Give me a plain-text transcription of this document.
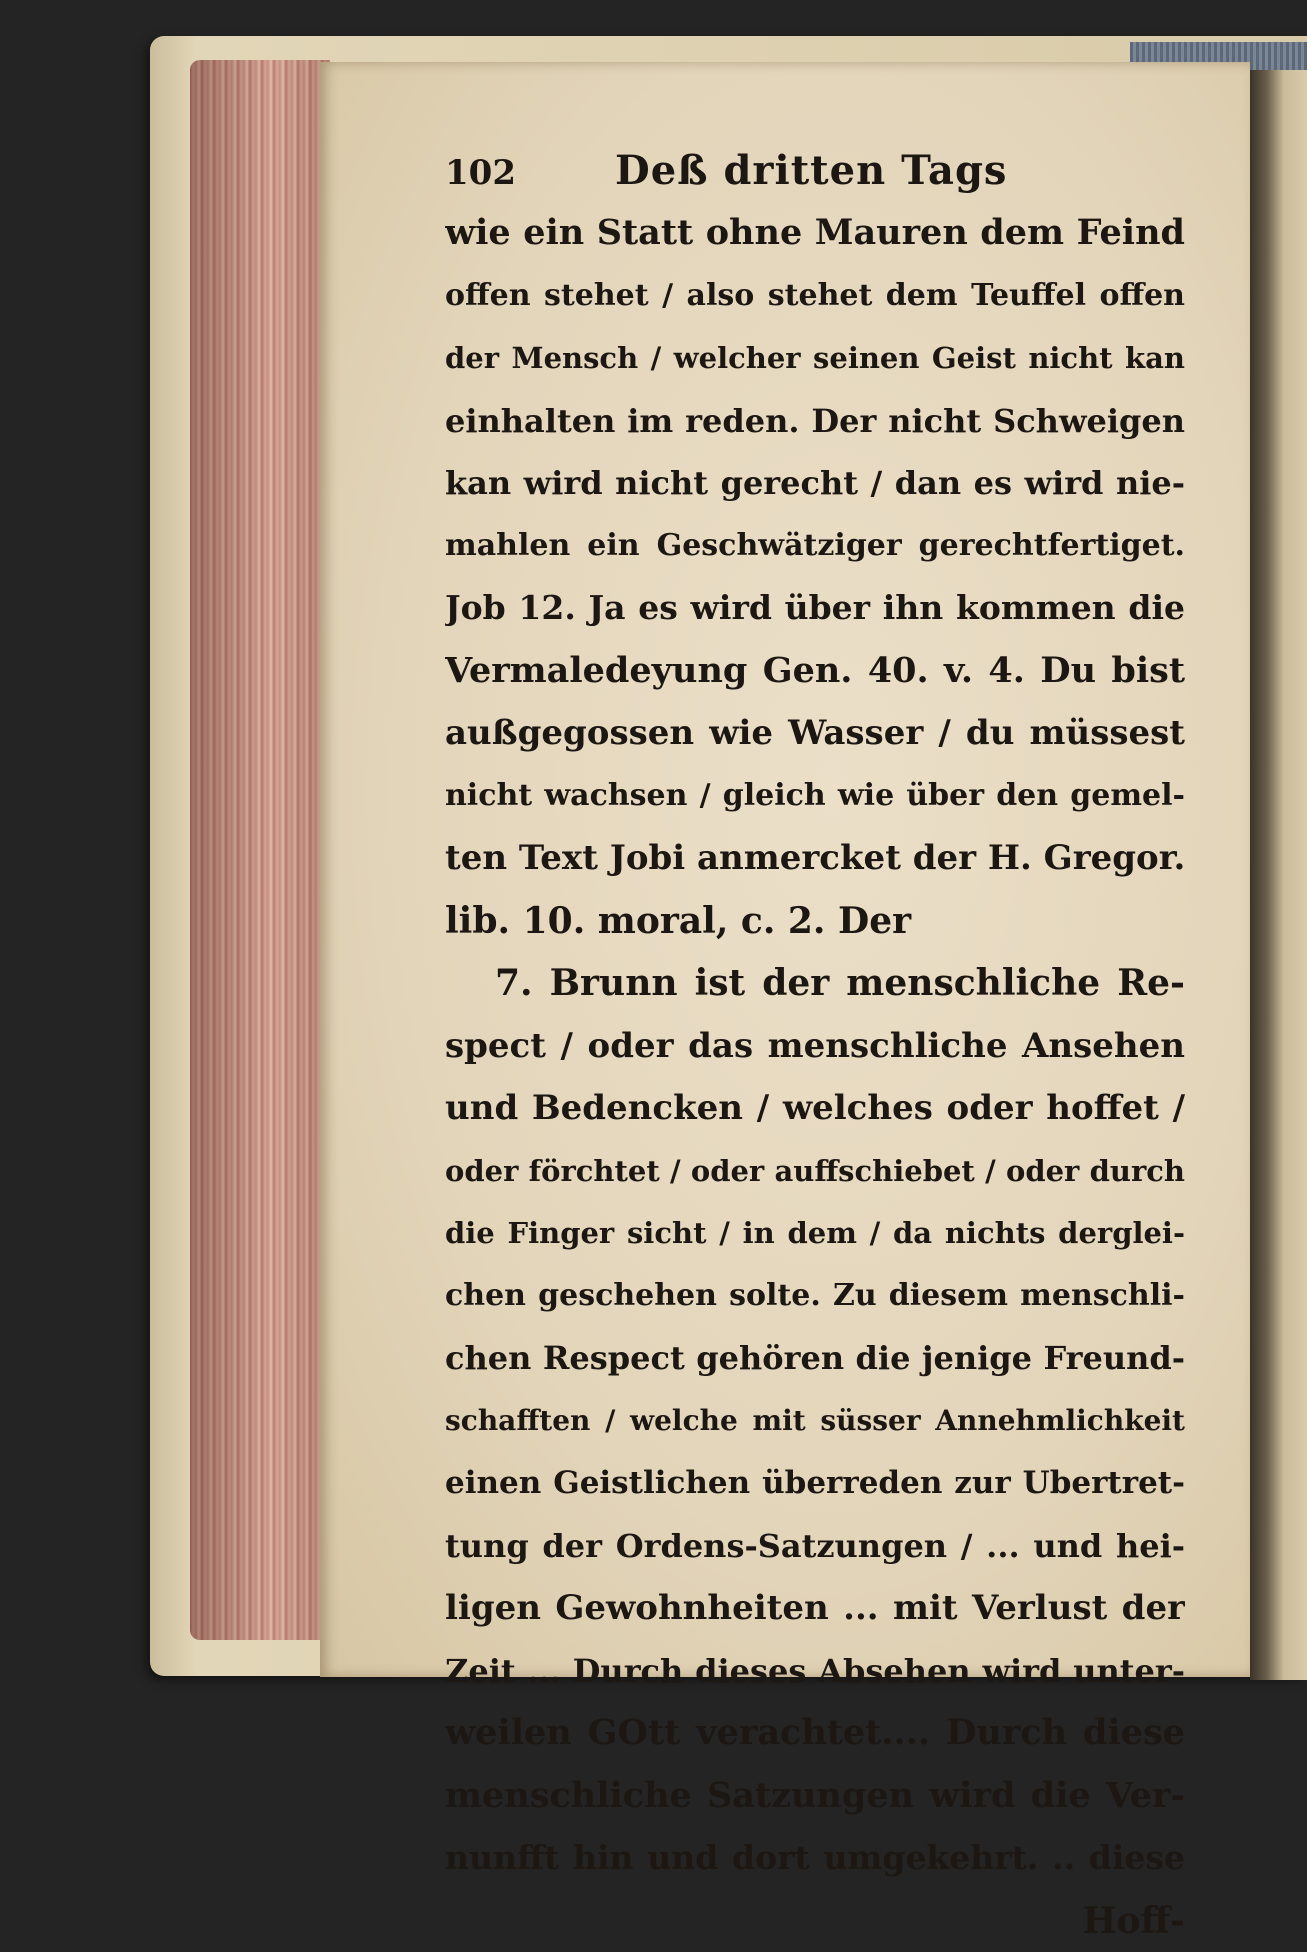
102	Deß dritten Tags
wie ein Statt ohne Mauren dem Feind
offen stehet / also stehet dem Teuffel offen
der Mensch / welcher seinen Geist nicht kan
einhalten im reden. Der nicht Schweigen
kan wird nicht gerecht / dan es wird nie-
mahlen ein Geschwätziger gerechtfertiget.
Job 12. Ja es wird über ihn kommen die
Vermaledeyung Gen. 40. v. 4. Du bist
außgegossen wie Wasser / du müssest
nicht wachsen / gleich wie über den gemel-
ten Text Jobi anmercket der H. Gregor.
lib. 10. moral, c. 2. Der
7. Brunn ist der menschliche Re-
spect / oder das menschliche Ansehen
und Bedencken / welches oder hoffet /
oder förchtet / oder auffschiebet / oder durch
die Finger sicht / in dem / da nichts derglei-
chen geschehen solte. Zu diesem menschli-
chen Respect gehören die jenige Freund-
schafften / welche mit süsser Annehmlichkeit
einen Geistlichen überreden zur Ubertret-
tung der Ordens-Satzungen / ... und hei-
ligen Gewohnheiten ... mit Verlust der
Zeit ... Durch dieses Absehen wird unter-
weilen GOtt verachtet.... Durch diese
menschliche Satzungen wird die Ver-
nunfft hin und dort umgekehrt. .. diese
Hoff-
